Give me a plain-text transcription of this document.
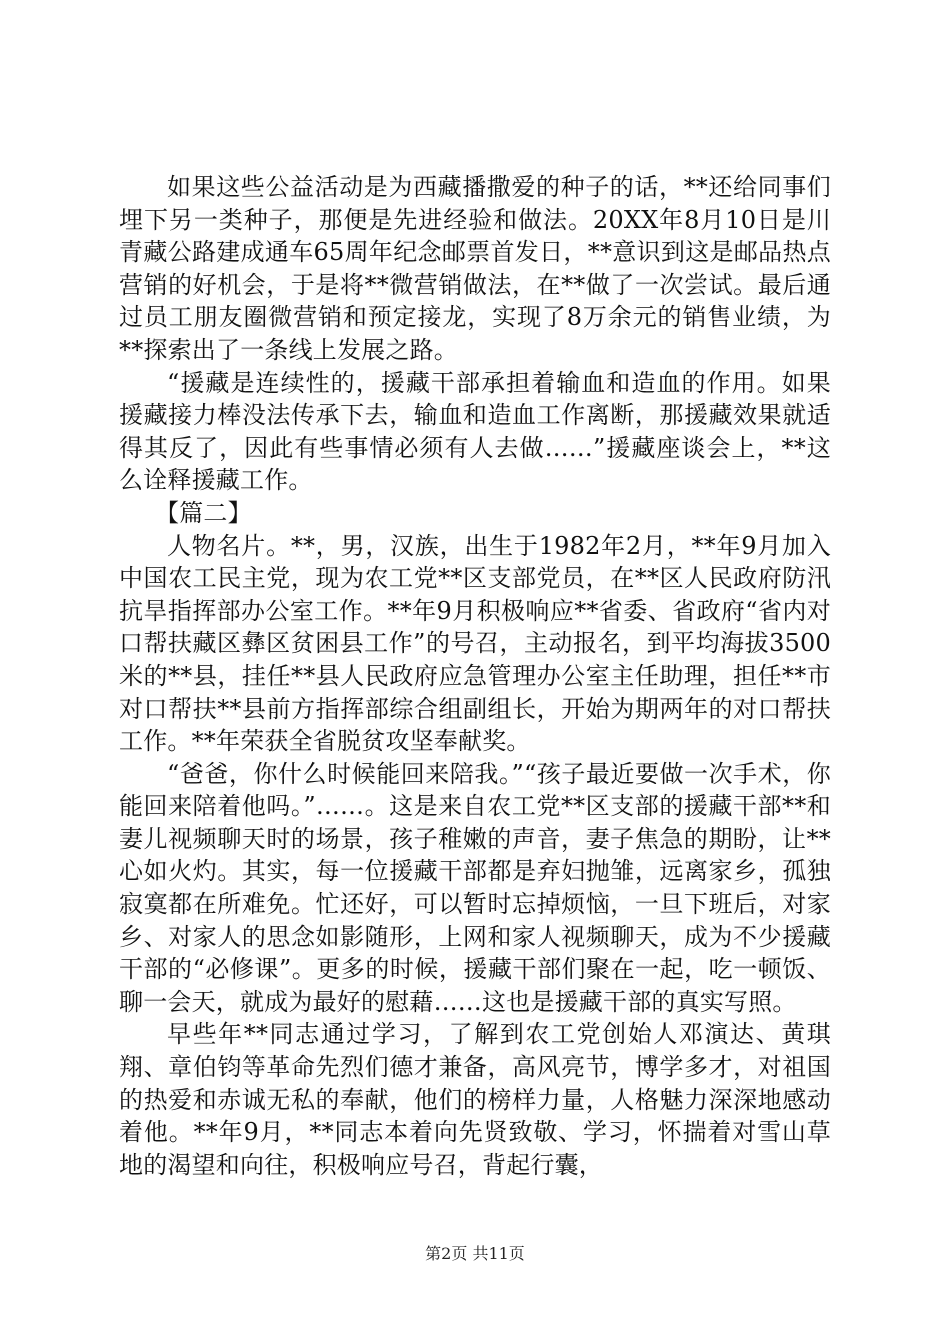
如果这些公益活动是为西藏播撒爱的种子的话，**还给同事们埋下另一类种子，那便是先进经验和做法。20XX年8月10日是川青藏公路建成通车65周年纪念邮票首发日，**意识到这是邮品热点营销的好机会，于是将**微营销做法，在**做了一次尝试。最后通过员工朋友圈微营销和预定接龙，实现了8万余元的销售业绩，为**探索出了一条线上发展之路。

“援藏是连续性的，援藏干部承担着输血和造血的作用。如果援藏接力棒没法传承下去，输血和造血工作离断，那援藏效果就适得其反了，因此有些事情必须有人去做……”援藏座谈会上，**这么诠释援藏工作。

【篇二】

人物名片。**，男，汉族，出生于1982年2月，**年9月加入中国农工民主党，现为农工党**区支部党员，在**区人民政府防汛抗旱指挥部办公室工作。**年9月积极响应**省委、省政府“省内对口帮扶藏区彝区贫困县工作”的号召，主动报名，到平均海拔3500米的**县，挂任**县人民政府应急管理办公室主任助理，担任**市对口帮扶**县前方指挥部综合组副组长，开始为期两年的对口帮扶工作。**年荣获全省脱贫攻坚奉献奖。

“爸爸，你什么时候能回来陪我。”“孩子最近要做一次手术，你能回来陪着他吗。”……。这是来自农工党**区支部的援藏干部**和妻儿视频聊天时的场景，孩子稚嫩的声音，妻子焦急的期盼，让**心如火灼。其实，每一位援藏干部都是弃妇抛雏，远离家乡，孤独寂寞都在所难免。忙还好，可以暂时忘掉烦恼，一旦下班后，对家乡、对家人的思念如影随形，上网和家人视频聊天，成为不少援藏干部的“必修课”。更多的时候，援藏干部们聚在一起，吃一顿饭、聊一会天，就成为最好的慰藉……这也是援藏干部的真实写照。

早些年**同志通过学习，了解到农工党创始人邓演达、黄琪翔、章伯钧等革命先烈们德才兼备，高风亮节，博学多才，对祖国的热爱和赤诚无私的奉献，他们的榜样力量，人格魅力深深地感动着他。**年9月，**同志本着向先贤致敬、学习，怀揣着对雪山草地的渴望和向往，积极响应号召，背起行囊，

第2页 共11页
